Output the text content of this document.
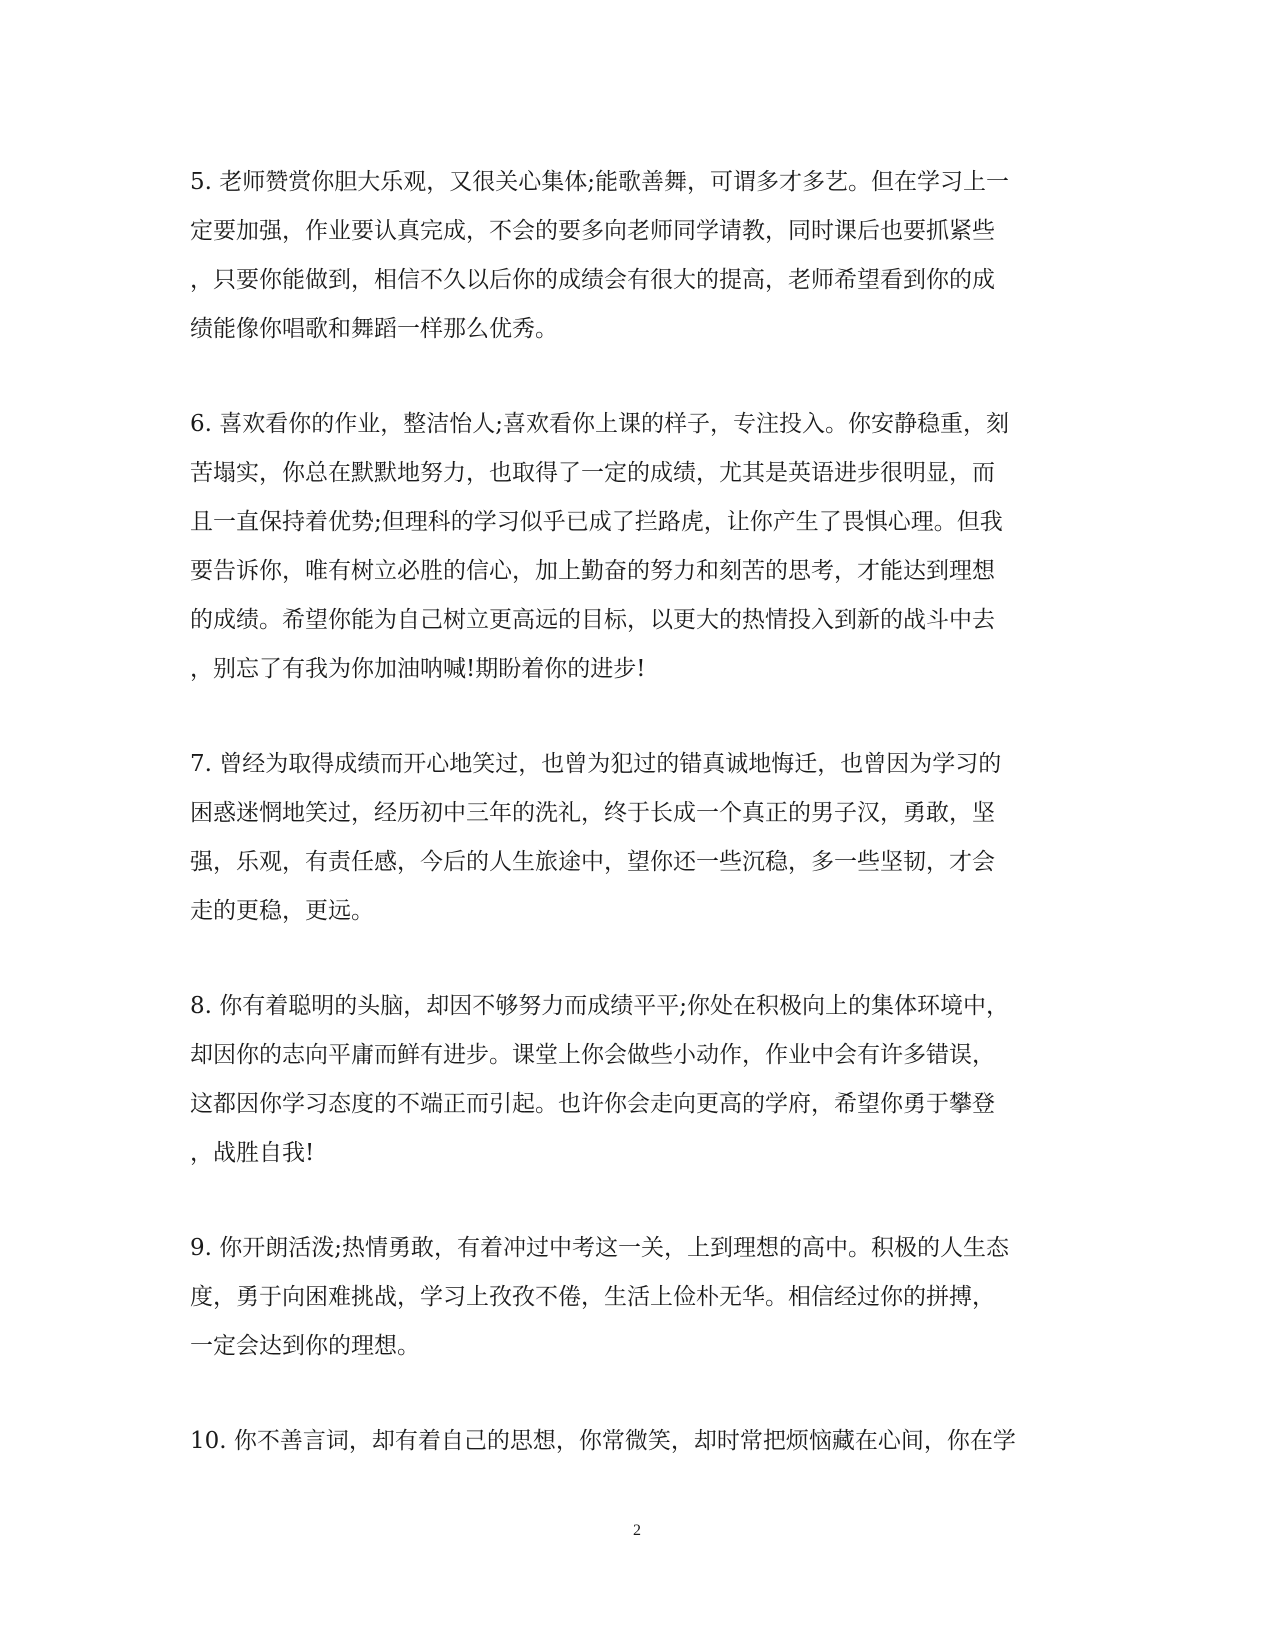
5. 老师赞赏你胆大乐观，又很关心集体;能歌善舞，可谓多才多艺。但在学习上一
定要加强，作业要认真完成，不会的要多向老师同学请教，同时课后也要抓紧些
，只要你能做到，相信不久以后你的成绩会有很大的提高，老师希望看到你的成
绩能像你唱歌和舞蹈一样那么优秀。

6. 喜欢看你的作业，整洁怡人;喜欢看你上课的样子，专注投入。你安静稳重，刻
苦塌实，你总在默默地努力，也取得了一定的成绩，尤其是英语进步很明显，而
且一直保持着优势;但理科的学习似乎已成了拦路虎，让你产生了畏惧心理。但我
要告诉你，唯有树立必胜的信心，加上勤奋的努力和刻苦的思考，才能达到理想
的成绩。希望你能为自己树立更高远的目标，以更大的热情投入到新的战斗中去
，别忘了有我为你加油呐喊!期盼着你的进步!

7. 曾经为取得成绩而开心地笑过，也曾为犯过的错真诚地悔迁，也曾因为学习的
困惑迷惘地笑过，经历初中三年的洗礼，终于长成一个真正的男子汉，勇敢，坚
强，乐观，有责任感，今后的人生旅途中，望你还一些沉稳，多一些坚韧，才会
走的更稳，更远。

8. 你有着聪明的头脑，却因不够努力而成绩平平;你处在积极向上的集体环境中，
却因你的志向平庸而鲜有进步。课堂上你会做些小动作，作业中会有许多错误，
这都因你学习态度的不端正而引起。也许你会走向更高的学府，希望你勇于攀登
，战胜自我!

9. 你开朗活泼;热情勇敢，有着冲过中考这一关，上到理想的高中。积极的人生态
度，勇于向困难挑战，学习上孜孜不倦，生活上俭朴无华。相信经过你的拼搏，
一定会达到你的理想。

10. 你不善言词，却有着自己的思想，你常微笑，却时常把烦恼藏在心间，你在学

2
